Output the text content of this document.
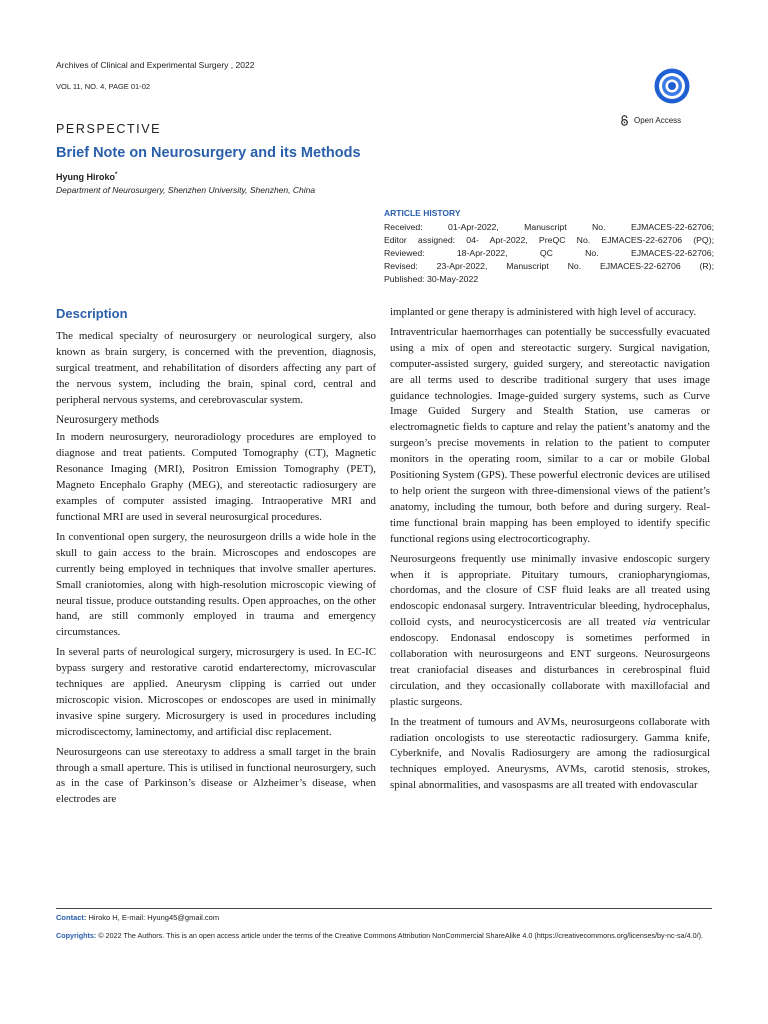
Archives of Clinical and Experimental Surgery , 2022
VOL 11, NO. 4, PAGE 01-02
Open Access
PERSPECTIVE
Brief Note on Neurosurgery and its Methods
Hyung Hiroko*
Department of Neurosurgery, Shenzhen University, Shenzhen, China
ARTICLE HISTORY
Received: 01-Apr-2022, Manuscript No. EJMACES-22-62706;
Editor assigned: 04- Apr-2022, PreQC No. EJMACES-22-62706 (PQ);
Reviewed: 18-Apr-2022, QC No. EJMACES-22-62706;
Revised: 23-Apr-2022, Manuscript No. EJMACES-22-62706 (R);
Published: 30-May-2022
Description

The medical specialty of neurosurgery or neurological surgery, also known as brain surgery, is concerned with the prevention, diagnosis, surgical treatment, and rehabilitation of disorders affecting any part of the nervous system, including the brain, spinal cord, central and peripheral nervous systems, and cerebrovascular system.

Neurosurgery methods

In modern neurosurgery, neuroradiology procedures are employed to diagnose and treat patients. Computed Tomography (CT), Magnetic Resonance Imaging (MRI), Positron Emission Tomography (PET), Magneto Encephalo Graphy (MEG), and stereotactic radiosurgery are examples of computer assisted imaging. Intraoperative MRI and functional MRI are used in several neurosurgical procedures.

In conventional open surgery, the neurosurgeon drills a wide hole in the skull to gain access to the brain. Microscopes and endoscopes are currently being employed in techniques that involve smaller apertures. Small craniotomies, along with high-resolution microscopic viewing of neural tissue, produce outstanding results. Open approaches, on the other hand, are still commonly employed in trauma and emergency circumstances.

In several parts of neurological surgery, microsurgery is used. In EC-IC bypass surgery and restorative carotid endarterectomy, microvascular techniques are applied. Aneurysm clipping is carried out under microscopic vision. Microscopes or endoscopes are used in minimally invasive spine surgery. Microsurgery is used in procedures including microdiscectomy, laminectomy, and artificial disc replacement.

Neurosurgeons can use stereotaxy to address a small target in the brain through a small aperture. This is utilised in functional neurosurgery, such as in the case of Parkinson’s disease or Alzheimer’s disease, when electrodes are

implanted or gene therapy is administered with high level of accuracy.

Intraventricular haemorrhages can potentially be successfully evacuated using a mix of open and stereotactic surgery. Surgical navigation, computer-assisted surgery, guided surgery, and stereotactic navigation are all terms used to describe traditional surgery that uses image guidance technologies. Image-guided surgery systems, such as Curve Image Guided Surgery and Stealth Station, use cameras or electromagnetic fields to capture and relay the patient’s anatomy and the surgeon’s precise movements in relation to the patient to computer monitors in the operating room, similar to a car or mobile Global Positioning System (GPS). These powerful electronic devices are utilised to help orient the surgeon with three-dimensional views of the patient’s anatomy, including the tumour, both before and during surgery. Real-time functional brain mapping has been employed to identify specific functional regions using electrocorticography.

Neurosurgeons frequently use minimally invasive endoscopic surgery when it is appropriate. Pituitary tumours, craniopharyngiomas, chordomas, and the closure of CSF fluid leaks are all treated using endoscopic endonasal surgery. Intraventricular bleeding, hydrocephalus, colloid cysts, and neurocysticercosis are all treated via ventricular endoscopy. Endonasal endoscopy is sometimes performed in collaboration with neurosurgeons and ENT surgeons. Neurosurgeons treat craniofacial diseases and disturbances in cerebrospinal fluid circulation, and they occasionally collaborate with maxillofacial and plastic surgeons.

In the treatment of tumours and AVMs, neurosurgeons collaborate with radiation oncologists to use stereotactic radiosurgery. Gamma knife, Cyberknife, and Novalis Radiosurgery are among the radiosurgical techniques employed. Aneurysms, AVMs, carotid stenosis, strokes, spinal abnormalities, and vasospasms are all treated with endovascular

Contact: Hiroko H, E-mail: Hyung45@gmail.com
Copyrights: © 2022 The Authors. This is an open access article under the terms of the Creative Commons Attribution NonCommercial ShareAlike 4.0 (https://creativecommons.org/licenses/by-nc-sa/4.0/).
